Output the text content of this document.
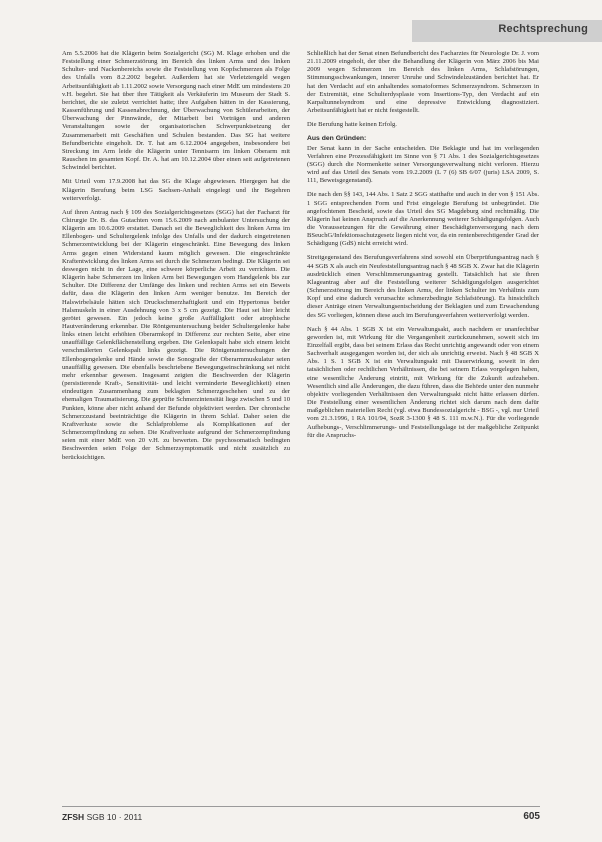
Rechtsprechung

Am 5.5.2006 hat die Klägerin beim Sozialgericht (SG) M. Klage erhoben und die Feststellung einer Schmerzstörung im Bereich des linken Arms und des linken Schulter- und Nackenbereichs sowie die Feststellung von Kopfschmerzen als Folge des Unfalls vom 8.2.2002 begehrt. Außerdem hat sie Verletztengeld wegen Arbeitsunfähigkeit ab 1.11.2002 sowie Versorgung nach einer MdE um mindestens 20 v.H. begehrt. Sie hat über ihre Tätigkeit als Verkäuferin im Museum der Stadt S. berichtet, die sie zuletzt verrichtet hatte; ihre Aufgaben hätten in der Kassierung, Kassenführung und Kassenabrechnung, der Überwachung von Schülerarbeiten, der Überwachung der Pinnwände, der Mitarbeit bei Vorträgen und anderen Veranstaltungen sowie der organisatorischen Schwerpunktsetzung der Zusammenarbeit mit Geschäften und Schulen bestanden. Das SG hat weitere Befundberichte eingeholt. Dr. T. hat am 6.12.2004 angegeben, insbesondere bei Streckung im Arm leide die Klägerin unter Tennisarm im linken Oberarm mit Rauschen im gesamten Kopf. Dr. A. hat am 10.12.2004 über einen seit aufgetretenen Schwindel berichtet.

Mit Urteil vom 17.9.2008 hat das SG die Klage abgewiesen. Hiergegen hat die Klägerin Berufung beim LSG Sachsen-Anhalt eingelegt und ihr Begehren weiterverfolgt.

Auf ihren Antrag nach § 109 des Sozialgerichtsgesetzes (SGG) hat der Facharzt für Chirurgie Dr. B. das Gutachten vom 15.6.2009 nach ambulanter Untersuchung der Klägerin am 10.6.2009 erstattet. Danach sei die Beweglichkeit des linken Arms im Ellenbogen- und Schultergelenk infolge des Unfalls und der dadurch eingetretenen Schmerzentwicklung bei der Klägerin eingeschränkt. Eine Bewegung des linken Arms gegen einen Widerstand kaum möglich gewesen. Die eingeschränkte Kraftentwicklung des linken Arms sei durch die Schmerzen bedingt. Die Klägerin sei deswegen nicht in der Lage, eine schwere körperliche Arbeit zu verrichten. Die Klägerin habe Schmerzen im linken Arm bei Bewegungen vom Handgelenk bis zur Schulter. Die Differenz der Umfänge des linken und rechten Arms sei ein Beweis dafür, dass die Klägerin den linken Arm weniger benutze. Im Bereich der Halswirbelsäule hätten sich Druckschmerzhaftigkeit und ein Hypertonus beider Halsmuskeln in einer Ausdehnung von 3 x 5 cm gezeigt. Die Haut sei hier leicht gerötet gewesen. Ein jedoch keine große Auffälligkeit oder atrophische Hautveränderung erkennbar. Die Röntgenuntersuchung beider Schultergelenke habe links einen leicht erhöhten Oberarmkopf in Differenz zur rechten Seite, aber eine unauffällige Gelenkflächenstellung ergeben. Die Gelenkspalt habe sich einem leicht verschmälerten Gelenkspalt links gezeigt. Die Röntgenuntersuchungen der Ellenbogengelenke und Hände sowie die Sonografie der Oberarmmuskulatur seien unauffällig gewesen. Die ebenfalls beschriebene Bewegungseinschränkung sei nicht mehr erkennbar gewesen. Insgesamt zeigten die Beschwerden der Klägerin (persistierende Kraft-, Sensitivität- und leicht verminderte Beweglichkeit) einen eindeutigen Zusammenhang zum beklagten Schmerzgeschehen und zu der ehemaligen Traumatisierung. Die geprüfte Schmerzintensität liege zwischen 5 und 10 Punkten, könne aber nicht anhand der Befunde objektiviert werden. Der chronische Schmerzzustand beeinträchtige die Klägerin in ihrem Schlaf. Daher seien die Kraftverluste sowie die Schlafprobleme als Komplikationen auf der Schmerzempfindung zu sehen. Die Kraftverluste aufgrund der Schmerzempfindung seien mit einer MdE von 20 v.H. zu bewerten. Die psychosomatisch bedingten Beschwerden seien Folge der Schmerzsymptomatik und nicht zusätzlich zu berücksichtigen.

Schließlich hat der Senat einen Befundbericht des Facharztes für Neurologie Dr. J. vom 21.11.2009 eingeholt, der über die Behandlung der Klägerin von März 2006 bis Mai 2009 wegen Schmerzen im Bereich des linken Arms, Schlafstörungen, Stimmungsschwankungen, innerer Unruhe und Schwindelzuständen berichtet hat. Er hat den Verdacht auf ein anhaltendes somatoformes Schmerzsyndrom. Schmerzen in der Extremität, eine Schulterdysplasie vom Insertions-Typ, den Verdacht auf ein Karpaltunnelsyndrom und eine depressive Entwicklung diagnostiziert. Arbeitsunfähigkeit hat er nicht festgestellt.

Die Berufung hatte keinen Erfolg.

Aus den Gründen:

Der Senat kann in der Sache entscheiden. Die Beklagte und hat im vorliegenden Verfahren eine Prozessfähigkeit im Sinne von § 71 Abs. 1 des Sozialgerichtsgesetzes (SGG) durch die Normenkette seiner Versorgungsverwaltung nicht verloren. Hierzu wird auf das Urteil des Senats vom 19.2.2009 (L 7 (6) SB 6/07 (juris) LSA 2009, S. 111, Beweisgegenstand).

Die nach den §§ 143, 144 Abs. 1 Satz 2 SGG statthafte und auch in der von § 151 Abs. 1 SGG entsprechenden Form und Frist eingelegte Berufung ist unbegründet. Die angefochtenen Bescheid, sowie das Urteil des SG Magdeburg sind rechtmäßig. Die Klägerin hat keinen Anspruch auf die Anerkennung weiterer Schädigungsfolgen. Auch die Voraussetzungen für die Gewährung einer Beschädigtenversorgung nach dem BSeuchG/Infektionsschutzgesetz liegen nicht vor, da ein rentenberechtigender Grad der Schädigung (GdS) nicht erreicht wird.

Streitgegenstand des Berufungsverfahrens sind sowohl ein Überprüfungsantrag nach § 44 SGB X als auch ein Neufeststellungsantrag nach § 48 SGB X. Zwar hat die Klägerin ausdrücklich einen Verschlimmerungsantrag gestellt. Tatsächlich hat sie ihren Klageantrag aber auf die Feststellung weiterer Schädigungsfolgen ausgerichtet (Schmerzstörung im Bereich des linken Arms, der linken Schulter im Verhältnis zum Kopf und eine dadurch verursachte schmerzbedingte Schlafstörung). Es hinsichtlich dieser Anträge einen Verwaltungsentscheidung der Beklagten und zum Erwachendung des SG vorliegen, können diese auch im Berufungsverfahren weiterverfolgt werden.

Nach § 44 Abs. 1 SGB X ist ein Verwaltungsakt, auch nachdem er unanfechtbar geworden ist, mit Wirkung für die Vergangenheit zurückzunehmen, soweit sich im Einzelfall ergibt, dass bei seinem Erlass das Recht unrichtig angewandt oder von einem Sachverhalt ausgegangen worden ist, der sich als unrichtig erweist. Nach § 48 SGB X Abs. 1 S. 1 SGB X ist ein Verwaltungsakt mit Dauerwirkung, soweit in den tatsächlichen oder rechtlichen Verhältnissen, die bei seinem Erlass vorgelegen haben, eine wesentliche Änderung eintritt, mit Wirkung für die Zukunft aufzuheben. Wesentlich sind alle Änderungen, die dazu führen, dass die Behörde unter den nunmehr objektiv vorliegenden Verhältnissen den Verwaltungsakt nicht hätte erlassen dürfen. Die Feststellung einer wesentlichen Änderung richtet sich darum nach dem dafür maßgeblichen materiellen Recht (vgl. etwa Bundessozialgericht - BSG -, vgl. nur Urteil vom 21.3.1996, 1 RA 101/94, SozR 3-1300 § 48 S. 111 m.w.N.). Für die vorliegende Aufhebungs-, Verschlimmerungs- und Feststellungslage ist der maßgebliche Zeitpunkt für die Anspruchs-

ZFSH SGB 10 · 2011	605
